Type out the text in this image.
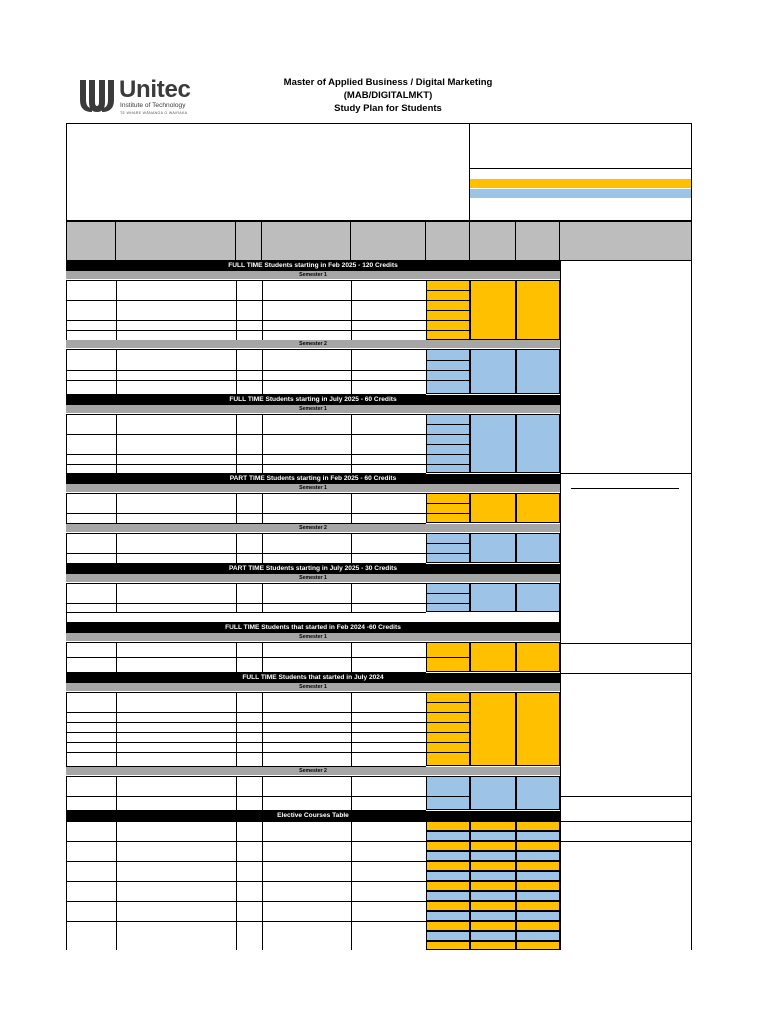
Unitec
Institute of Technology
TE WHARE WĀNANGA O WAIRAKA
Master of Applied Business / Digital Marketing
(MAB/DIGITALMKT)
Study Plan for Students
FULL TIME Students starting in Feb 2025 - 120 Credits
Semester 1
Semester 2
FULL TIME Students starting in July 2025 - 60 Credits
Semester 1
PART TIME Students starting in Feb 2025 - 60 Credits
Semester 1
Semester 2
PART TIME Students starting in July 2025 - 30 Credits
Semester 1
FULL TIME Students that started in Feb 2024 -60 Credits
Semester 1
FULL TIME Students that started in July 2024
Semester 1
Semester 2
Elective Courses Table
